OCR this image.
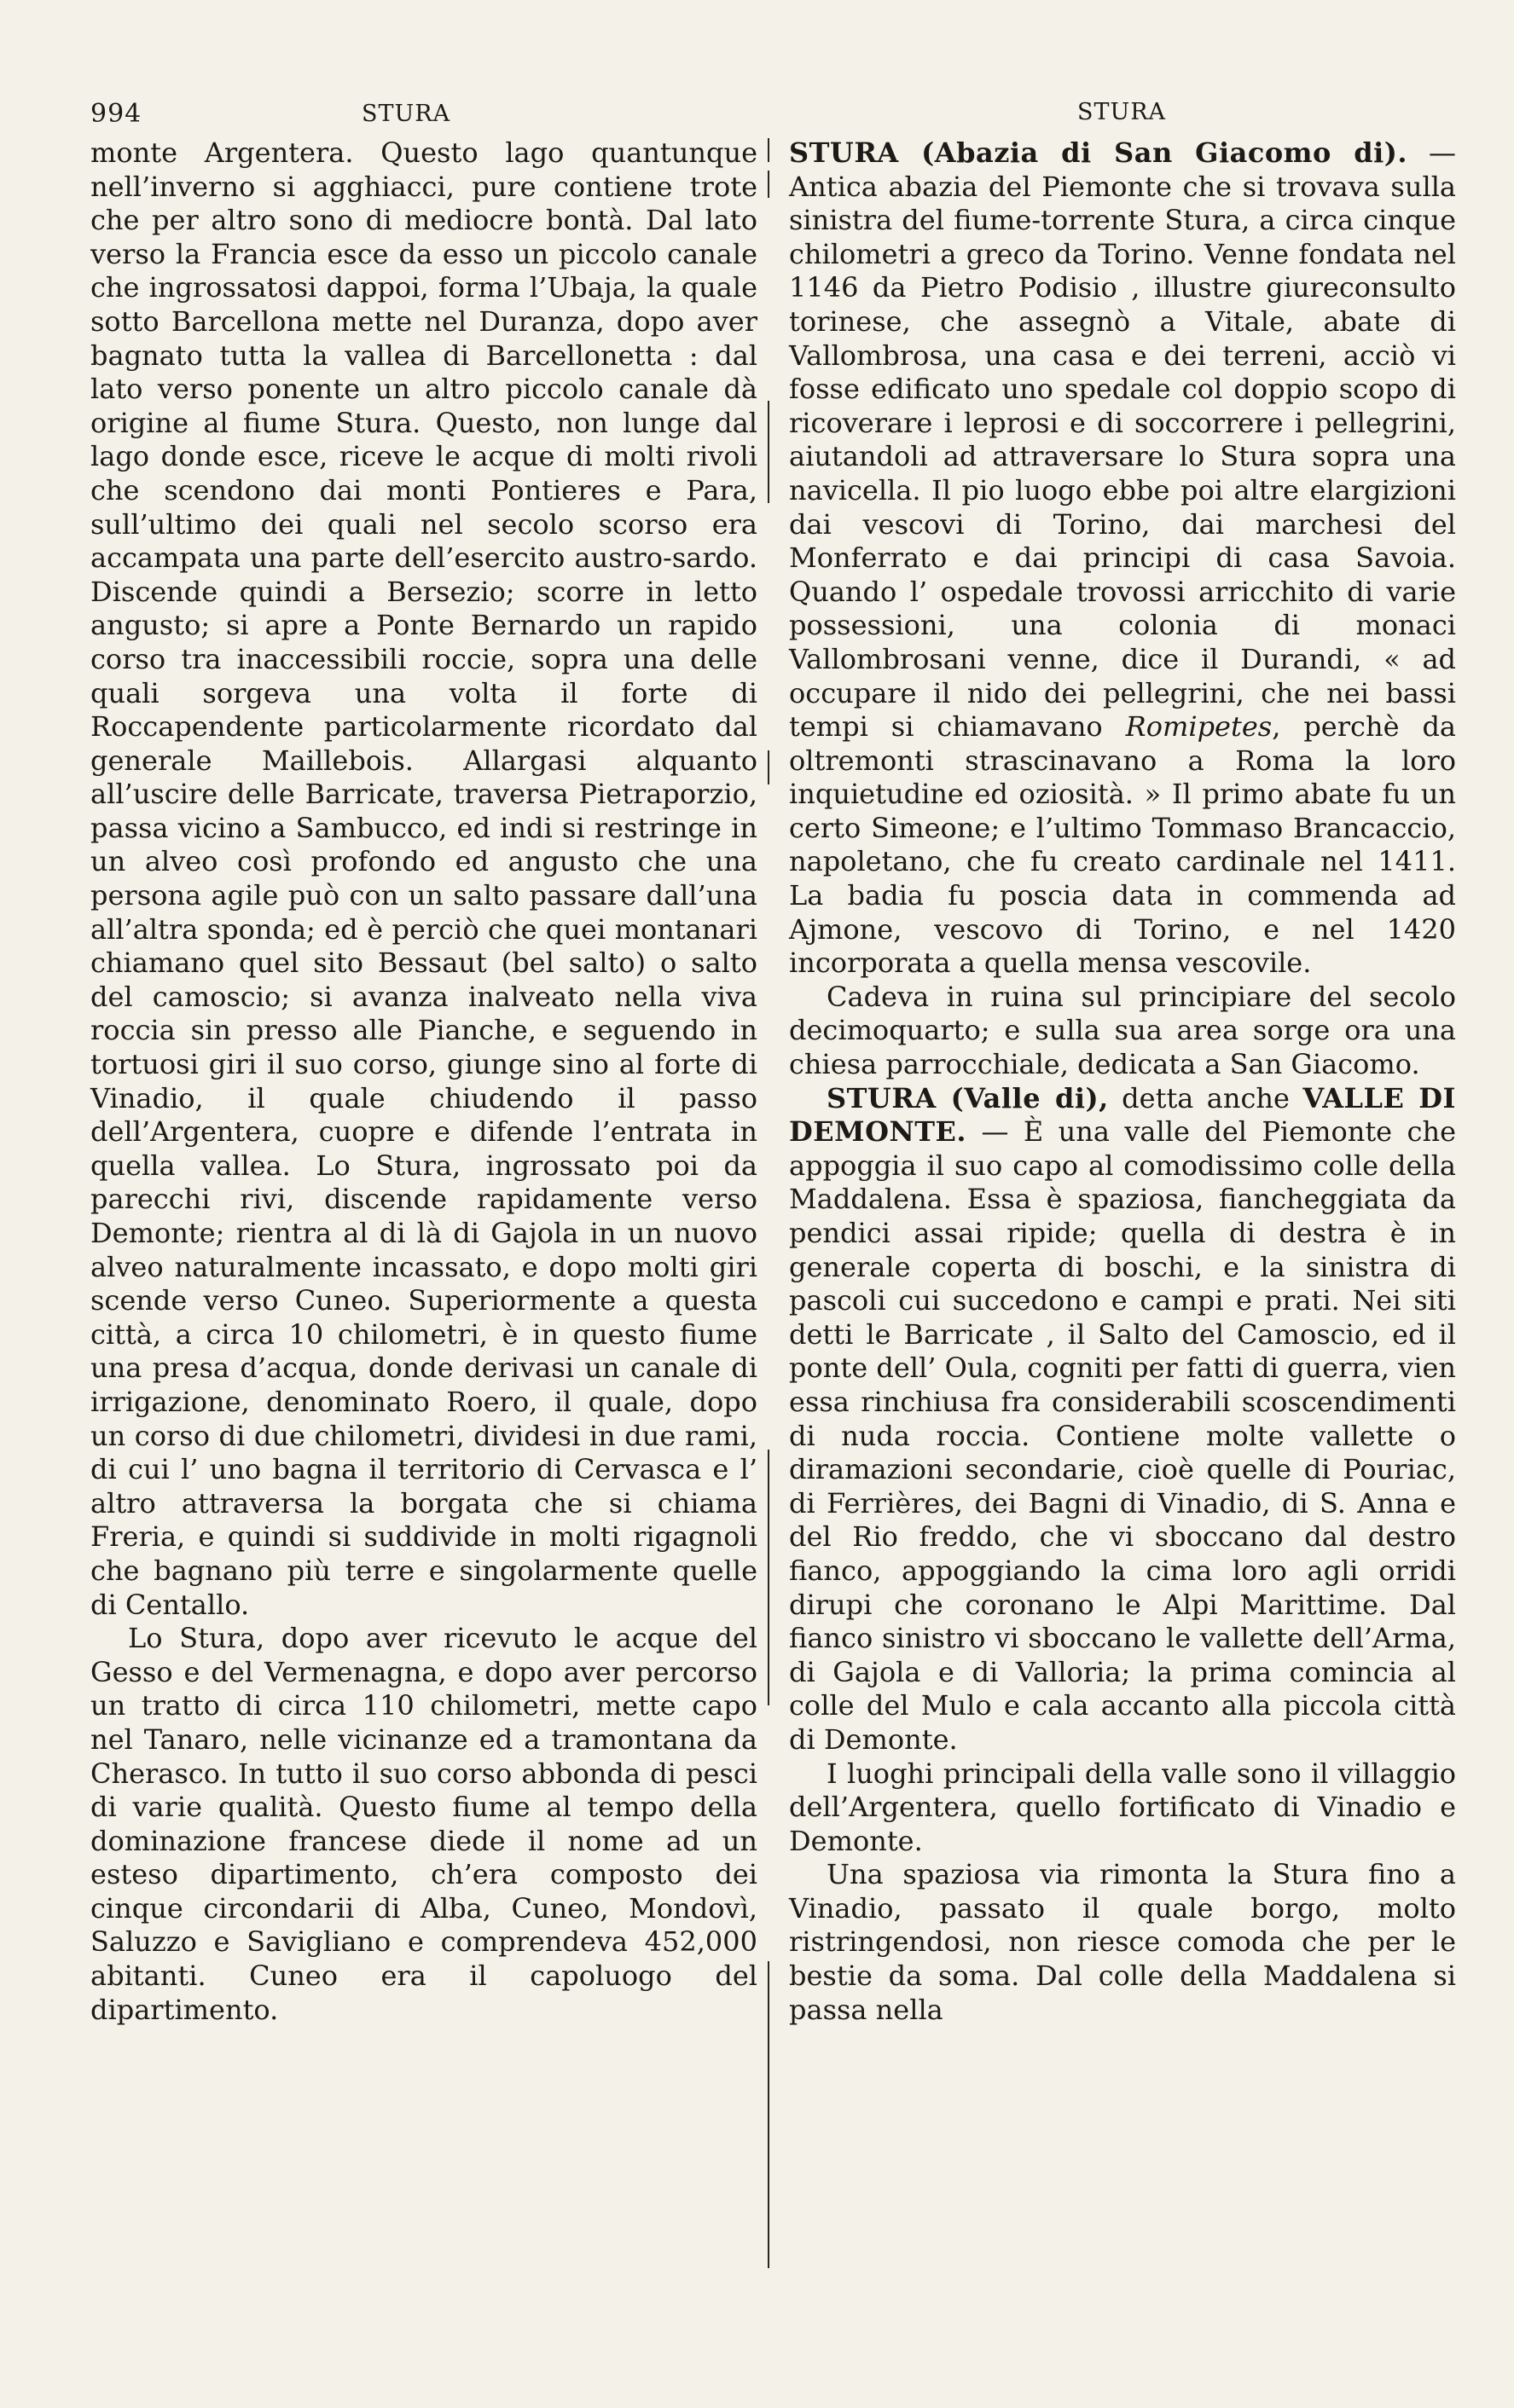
994	STURA	STURA

monte Argentera. Questo lago quantunque nell’inverno si agghiacci, pure contiene trote che per altro sono di mediocre bontà. Dal lato verso la Francia esce da esso un piccolo canale che ingrossatosi dappoi, forma l’Ubaja, la quale sotto Barcellona mette nel Duranza, dopo aver bagnato tutta la vallea di Barcellonetta : dal lato verso ponente un altro piccolo canale dà origine al fiume Stura. Questo, non lunge dal lago donde esce, riceve le acque di molti rivoli che scendono dai monti Pontieres e Para, sull’ultimo dei quali nel secolo scorso era accampata una parte dell’esercito austro-sardo. Discende quindi a Bersezio; scorre in letto angusto; si apre a Ponte Bernardo un rapido corso tra inaccessibili roccie, sopra una delle quali sorgeva una volta il forte di Roccapendente particolarmente ricordato dal generale Maillebois. Allargasi alquanto all’uscire delle Barricate, traversa Pietraporzio, passa vicino a Sambucco, ed indi si restringe in un alveo così profondo ed angusto che una persona agile può con un salto passare dall’una all’altra sponda; ed è perciò che quei montanari chiamano quel sito Bessaut (bel salto) o salto del camoscio; si avanza inalveato nella viva roccia sin presso alle Pianche, e seguendo in tortuosi giri il suo corso, giunge sino al forte di Vinadio, il quale chiudendo il passo dell’Argentera, cuopre e difende l’entrata in quella vallea. Lo Stura, ingrossato poi da parecchi rivi, discende rapidamente verso Demonte; rientra al di là di Gajola in un nuovo alveo naturalmente incassato, e dopo molti giri scende verso Cuneo. Superiormente a questa città, a circa 10 chilometri, è in questo fiume una presa d’acqua, donde derivasi un canale di irrigazione, denominato Roero, il quale, dopo un corso di due chilometri, dividesi in due rami, di cui l’ uno bagna il territorio di Cervasca e l’ altro attraversa la borgata che si chiama Freria, e quindi si suddivide in molti rigagnoli che bagnano più terre e singolarmente quelle di Centallo.

Lo Stura, dopo aver ricevuto le acque del Gesso e del Vermenagna, e dopo aver percorso un tratto di circa 110 chilometri, mette capo nel Tanaro, nelle vicinanze ed a tramontana da Cherasco. In tutto il suo corso abbonda di pesci di varie qualità. Questo fiume al tempo della dominazione francese diede il nome ad un esteso dipartimento, ch’era composto dei cinque circondarii di Alba, Cuneo, Mondovì, Saluzzo e Savigliano e comprendeva 452,000 abitanti. Cuneo era il capoluogo del dipartimento.

STURA (Abazia di San Giacomo di). — Antica abazia del Piemonte che si trovava sulla sinistra del fiume-torrente Stura, a circa cinque chilometri a greco da Torino. Venne fondata nel 1146 da Pietro Podisio , illustre giureconsulto torinese, che assegnò a Vitale, abate di Vallombrosa, una casa e dei terreni, acciò vi fosse edificato uno spedale col doppio scopo di ricoverare i leprosi e di soccorrere i pellegrini, aiutandoli ad attraversare lo Stura sopra una navicella. Il pio luogo ebbe poi altre elargizioni dai vescovi di Torino, dai marchesi del Monferrato e dai principi di casa Savoia. Quando l’ ospedale trovossi arricchito di varie possessioni, una colonia di monaci Vallombrosani venne, dice il Durandi, « ad occupare il nido dei pellegrini, che nei bassi tempi si chiamavano Romipetes, perchè da oltremonti strascinavano a Roma la loro inquietudine ed oziosità. » Il primo abate fu un certo Simeone; e l’ultimo Tommaso Brancaccio, napoletano, che fu creato cardinale nel 1411. La badia fu poscia data in commenda ad Ajmone, vescovo di Torino, e nel 1420 incorporata a quella mensa vescovile.

Cadeva in ruina sul principiare del secolo decimoquarto; e sulla sua area sorge ora una chiesa parrocchiale, dedicata a San Giacomo.

STURA (Valle di), detta anche VALLE DI DEMONTE. — È una valle del Piemonte che appoggia il suo capo al comodissimo colle della Maddalena. Essa è spaziosa, fiancheggiata da pendici assai ripide; quella di destra è in generale coperta di boschi, e la sinistra di pascoli cui succedono e campi e prati. Nei siti detti le Barricate , il Salto del Camoscio, ed il ponte dell’ Oula, cogniti per fatti di guerra, vien essa rinchiusa fra considerabili scoscendimenti di nuda roccia. Contiene molte vallette o diramazioni secondarie, cioè quelle di Pouriac, di Ferrières, dei Bagni di Vinadio, di S. Anna e del Rio freddo, che vi sboccano dal destro fianco, appoggiando la cima loro agli orridi dirupi che coronano le Alpi Marittime. Dal fianco sinistro vi sboccano le vallette dell’Arma, di Gajola e di Valloria; la prima comincia al colle del Mulo e cala accanto alla piccola città di Demonte.

I luoghi principali della valle sono il villaggio dell’Argentera, quello fortificato di Vinadio e Demonte.

Una spaziosa via rimonta la Stura fino a Vinadio, passato il quale borgo, molto ristringendosi, non riesce comoda che per le bestie da soma. Dal colle della Maddalena si passa nella
